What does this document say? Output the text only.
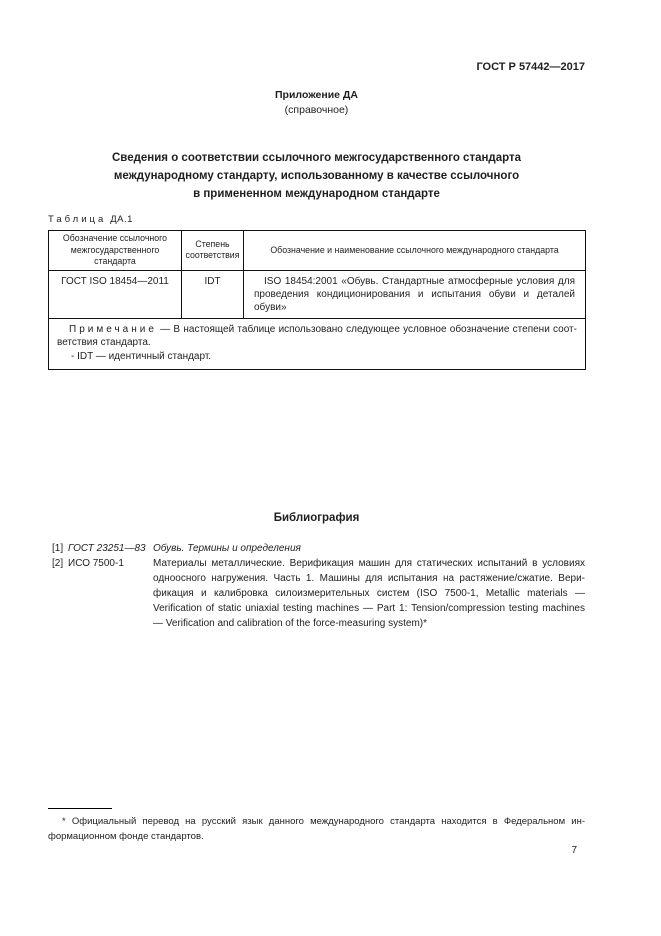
ГОСТ Р 57442—2017
Приложение ДА
(справочное)
Сведения о соответствии ссылочного межгосударственного стандарта
международному стандарту, использованному в качестве ссылочного
в примененном международном стандарте
Таблица ДА.1
Обозначение ссылочного межгосударственного стандарта	Степень соответствия	Обозначение и наименование ссылочного международного стандарта
ГОСТ ISO 18454—2011	IDT	ISO 18454:2001 «Обувь. Стандартные атмосферные условия для проведения кондиционирования и испытания обуви и деталей обуви»

Примечание — В настоящей таблице использовано следующее условное обозначение степени соответствия стандарта.
- IDT — идентичный стандарт.		
Библиография
[1] ГОСТ 23251—83 Обувь. Термины и определения
[2] ИСО 7500-1	Материалы металлические. Верификация машин для статических испытаний в условиях одноосного нагружения. Часть 1. Машины для испытания на растяжение/сжатие. Верификация и калибровка силоизмерительных систем (ISO 7500-1, Metallic materials — Verification of static uniaxial testing machines — Part 1: Tension/compression testing machines — Verification and calibration of the force-measuring system)*
* Официальный перевод на русский язык данного международного стандарта находится в Федеральном информационном фонде стандартов.
7
